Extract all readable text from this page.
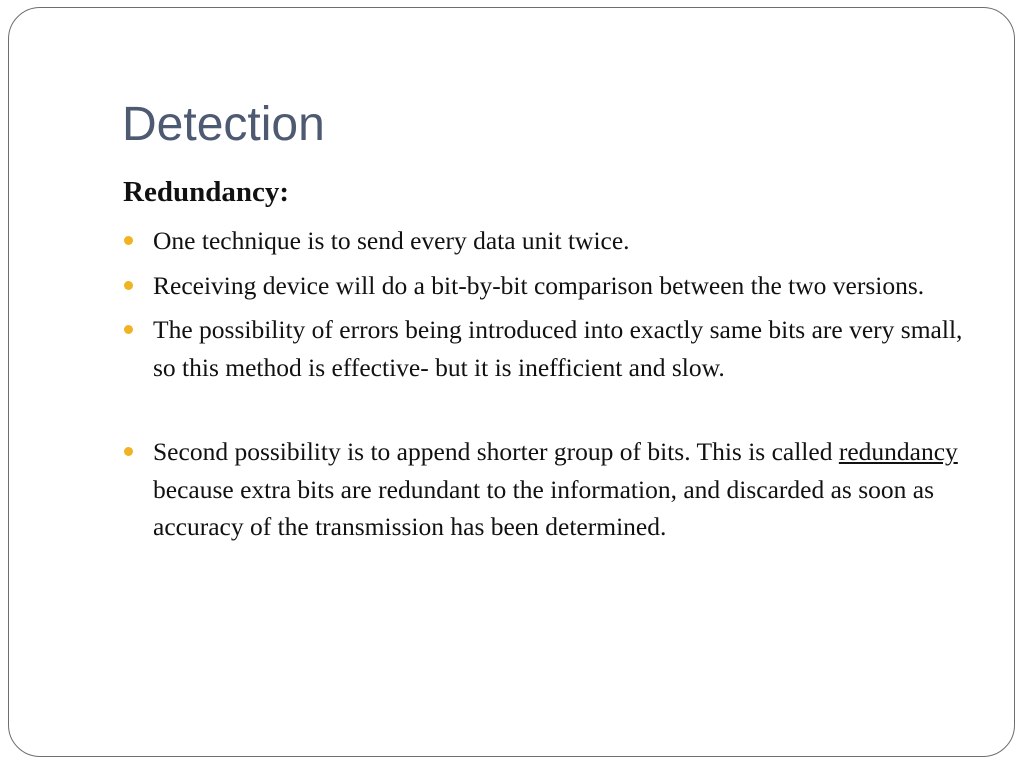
Detection

Redundancy:

One technique is to send every data unit twice.
Receiving device will do a bit-by-bit comparison between the two versions.
The possibility of errors being introduced into exactly same bits are very small, so this method is effective- but it is inefficient and slow.
Second possibility is to append shorter group of bits. This is called redundancy because extra bits are redundant to the information, and discarded as soon as accuracy of the transmission has been determined.
